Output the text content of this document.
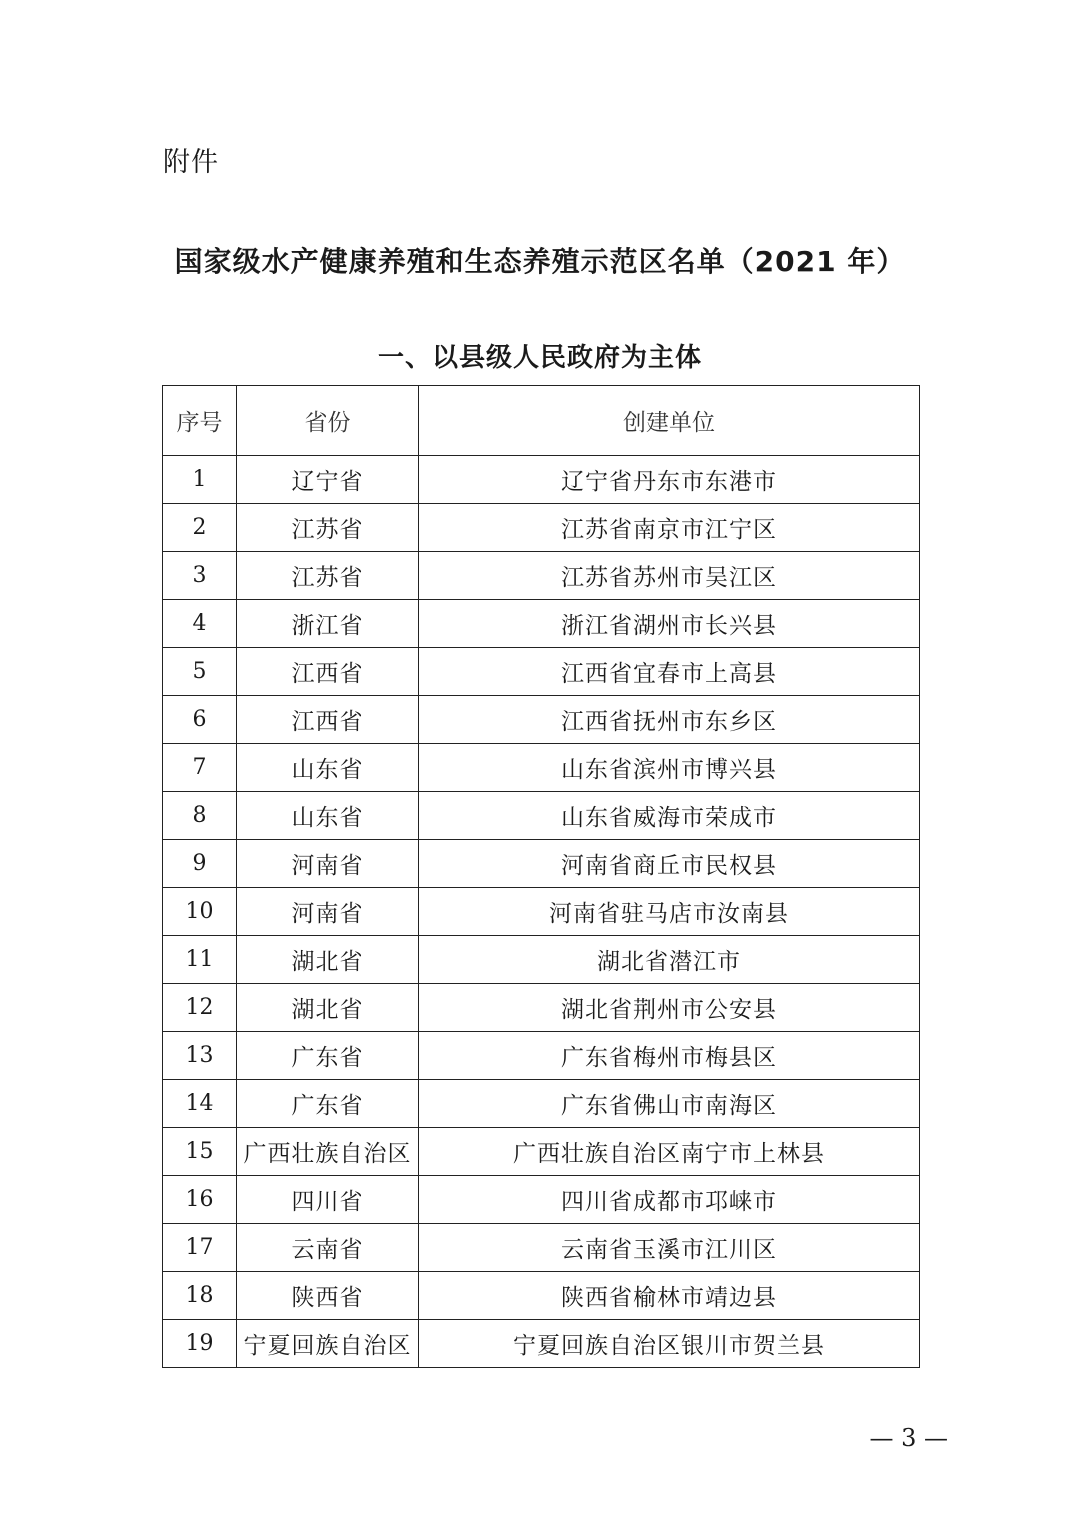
附件
国家级水产健康养殖和生态养殖示范区名单（2021 年）
一、以县级人民政府为主体
序号	省份	创建单位
1	辽宁省	辽宁省丹东市东港市
2	江苏省	江苏省南京市江宁区
3	江苏省	江苏省苏州市吴江区
4	浙江省	浙江省湖州市长兴县
5	江西省	江西省宜春市上高县
6	江西省	江西省抚州市东乡区
7	山东省	山东省滨州市博兴县
8	山东省	山东省威海市荣成市
9	河南省	河南省商丘市民权县
10	河南省	河南省驻马店市汝南县
11	湖北省	湖北省潜江市
12	湖北省	湖北省荆州市公安县
13	广东省	广东省梅州市梅县区
14	广东省	广东省佛山市南海区
15	广西壮族自治区	广西壮族自治区南宁市上林县
16	四川省	四川省成都市邛崃市
17	云南省	云南省玉溪市江川区
18	陕西省	陕西省榆林市靖边县
19	宁夏回族自治区	宁夏回族自治区银川市贺兰县
— 3 —
